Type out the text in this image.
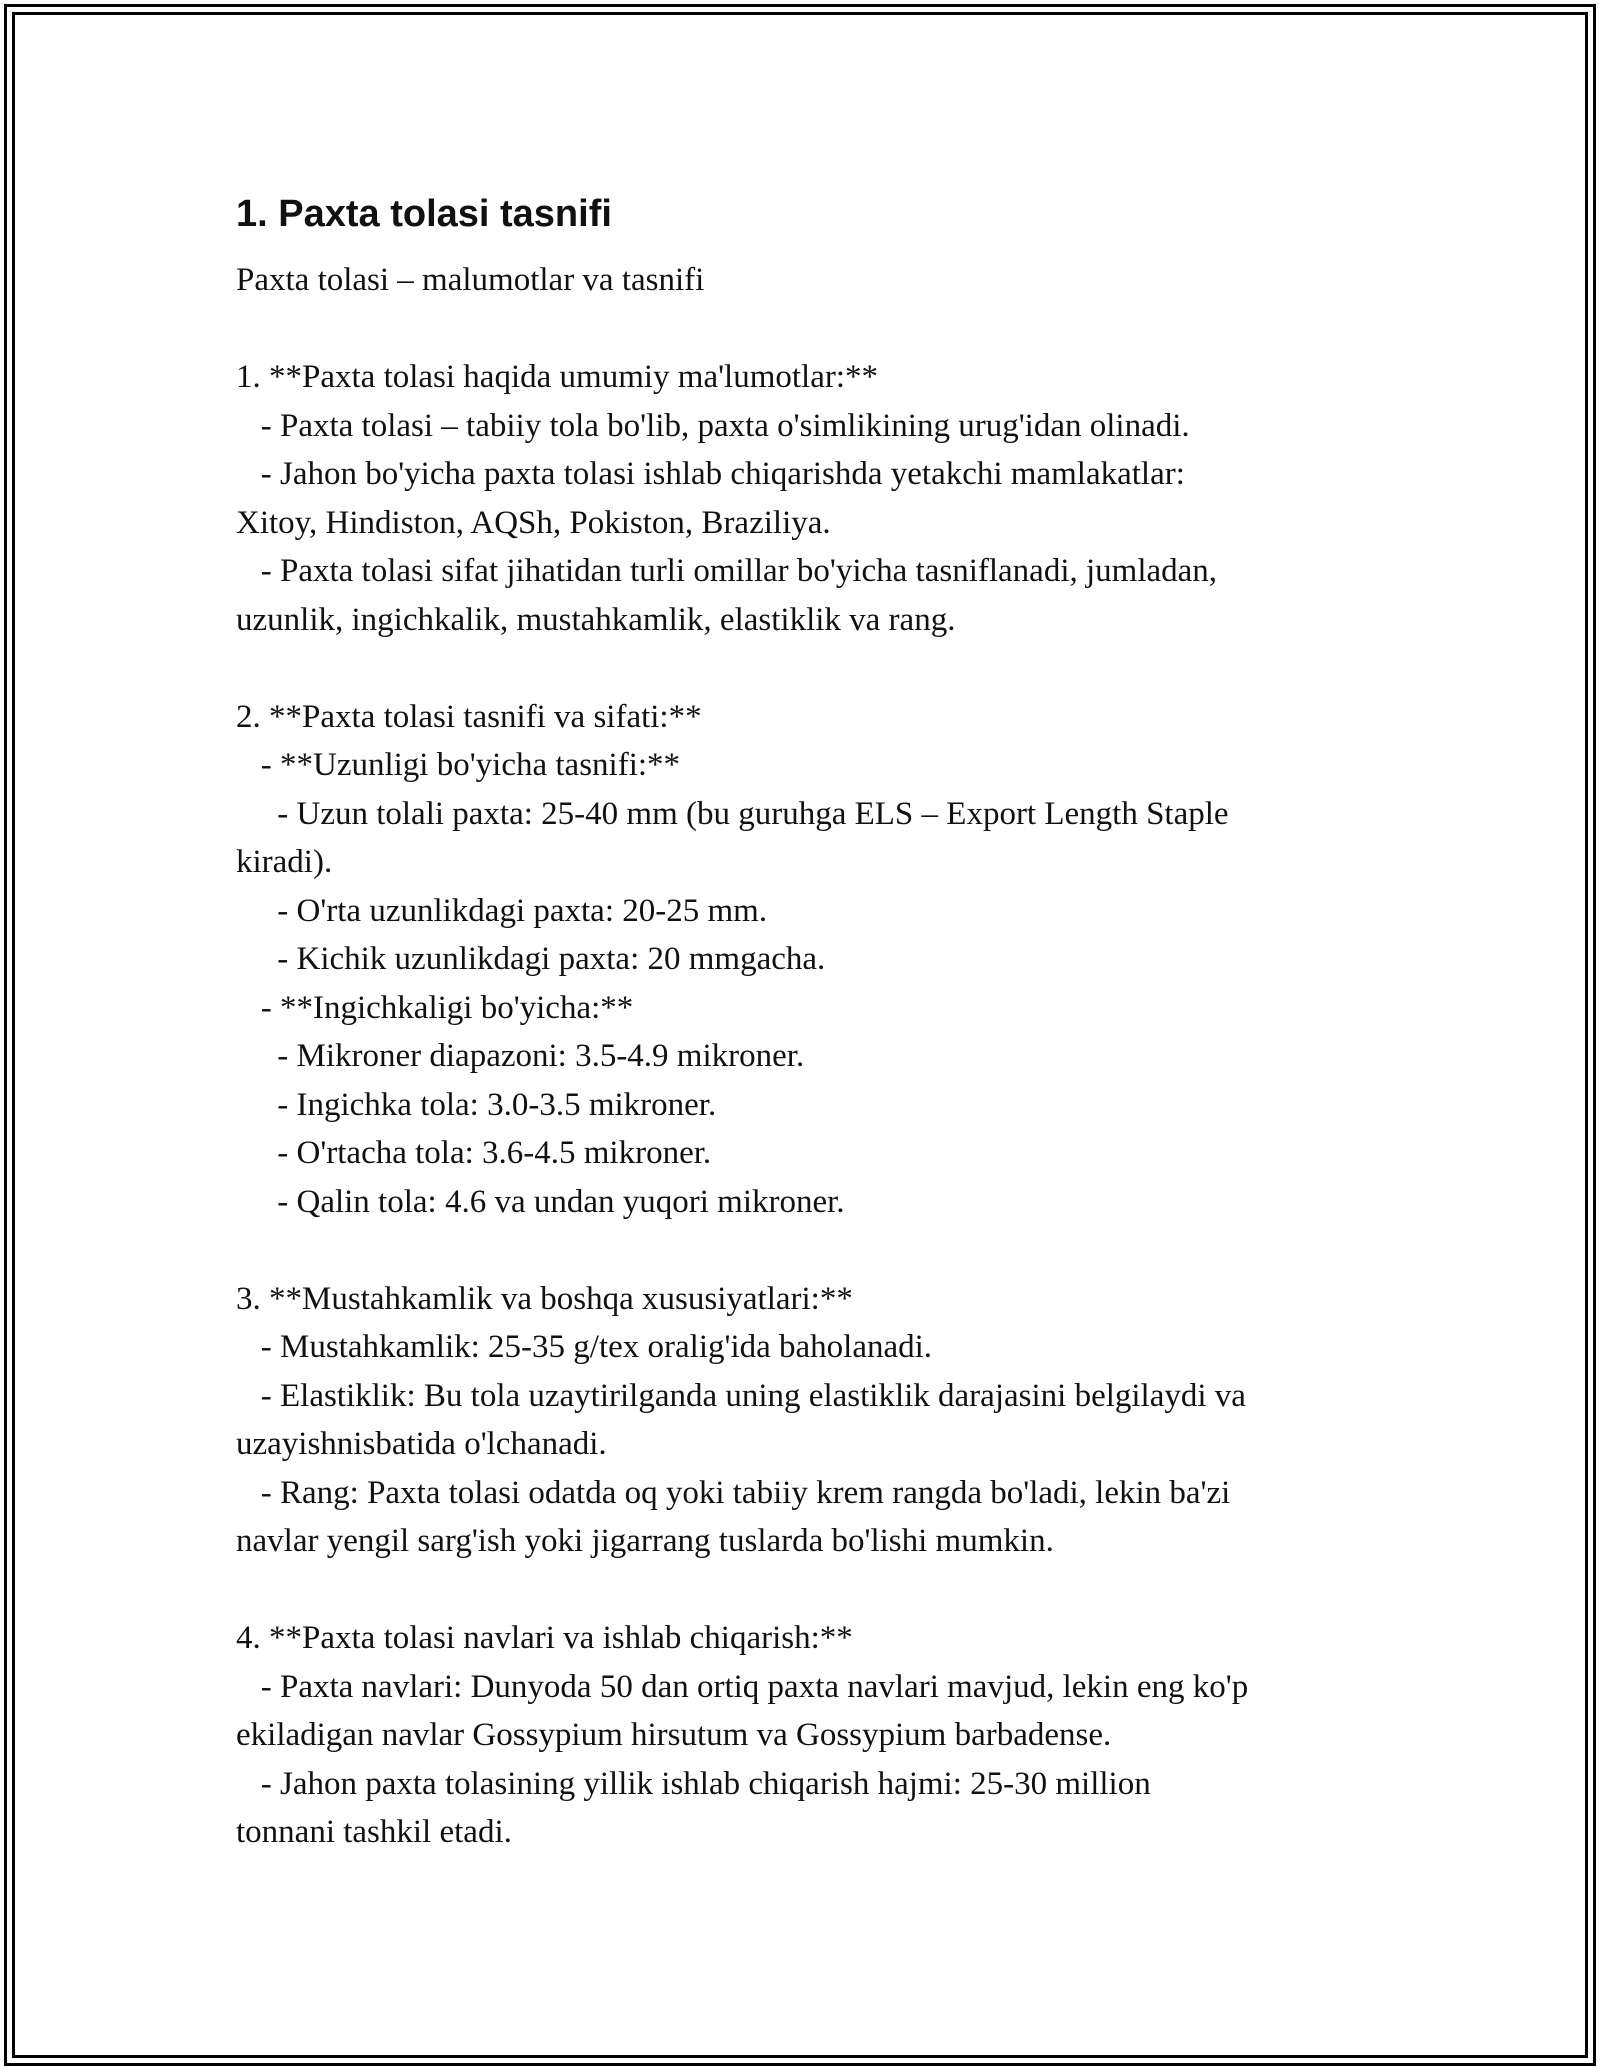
1. Paxta tolasi tasnifi

Paxta tolasi – malumotlar va tasnifi

1. **Paxta tolasi haqida umumiy ma'lumotlar:**

- Paxta tolasi – tabiiy tola bo'lib, paxta o'simlikining urug'idan olinadi.

- Jahon bo'yicha paxta tolasi ishlab chiqarishda yetakchi mamlakatlar:

Xitoy, Hindiston, AQSh, Pokiston, Braziliya.

- Paxta tolasi sifat jihatidan turli omillar bo'yicha tasniflanadi, jumladan,

uzunlik, ingichkalik, mustahkamlik, elastiklik va rang.

2. **Paxta tolasi tasnifi va sifati:**

- **Uzunligi bo'yicha tasnifi:**

- Uzun tolali paxta: 25-40 mm (bu guruhga ELS – Export Length Staple

kiradi).

- O'rta uzunlikdagi paxta: 20-25 mm.

- Kichik uzunlikdagi paxta: 20 mmgacha.

- **Ingichkaligi bo'yicha:**

- Mikroner diapazoni: 3.5-4.9 mikroner.

- Ingichka tola: 3.0-3.5 mikroner.

- O'rtacha tola: 3.6-4.5 mikroner.

- Qalin tola: 4.6 va undan yuqori mikroner.

3. **Mustahkamlik va boshqa xususiyatlari:**

- Mustahkamlik: 25-35 g/tex oralig'ida baholanadi.

- Elastiklik: Bu tola uzaytirilganda uning elastiklik darajasini belgilaydi va

uzayishnisbatida o'lchanadi.

- Rang: Paxta tolasi odatda oq yoki tabiiy krem rangda bo'ladi, lekin ba'zi

navlar yengil sarg'ish yoki jigarrang tuslarda bo'lishi mumkin.

4. **Paxta tolasi navlari va ishlab chiqarish:**

- Paxta navlari: Dunyoda 50 dan ortiq paxta navlari mavjud, lekin eng ko'p

ekiladigan navlar Gossypium hirsutum va Gossypium barbadense.

- Jahon paxta tolasining yillik ishlab chiqarish hajmi: 25-30 million

tonnani tashkil etadi.
